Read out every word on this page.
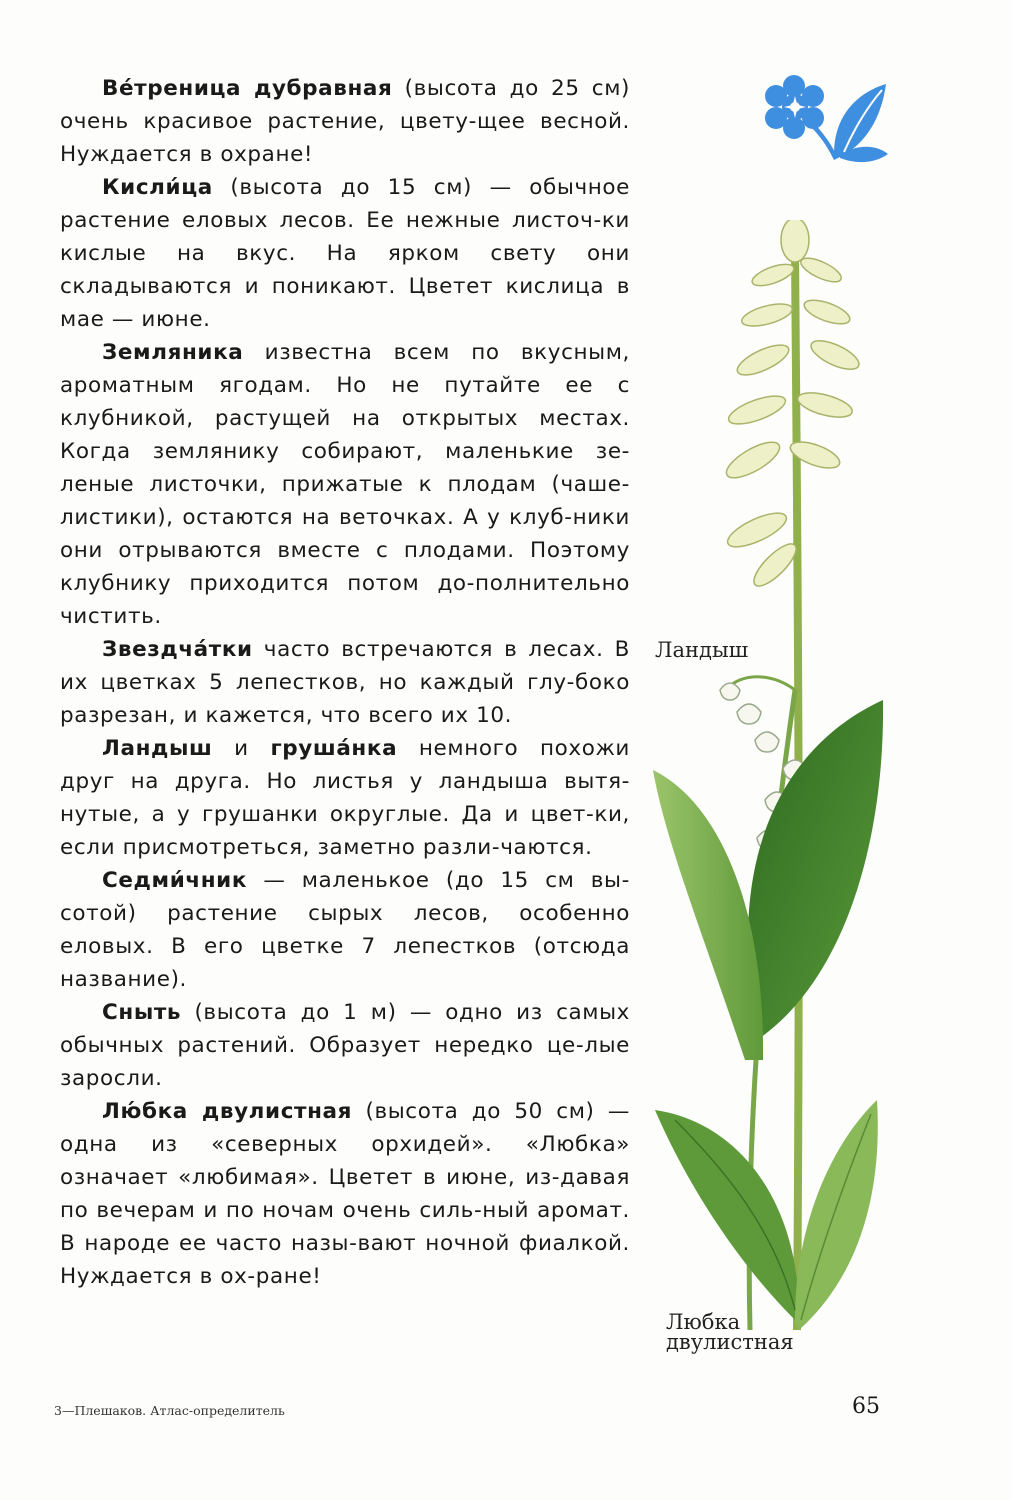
Ве́треница дубравная (высота до 25 см) очень красивое растение, цвету-щее весной. Нуждается в охране!

Кисли́ца (высота до 15 см) — обычное растение еловых лесов. Ее нежные листоч-ки кислые на вкус. На ярком свету они складываются и поникают. Цветет кислица в мае — июне.

Земляника известна всем по вкусным, ароматным ягодам. Но не путайте ее с клубникой, растущей на открытых местах. Когда землянику собирают, маленькие зе-леные листочки, прижатые к плодам (чаше-листики), остаются на веточках. А у клуб-ники они отрываются вместе с плодами. Поэтому клубнику приходится потом до-полнительно чистить.

Звездча́тки часто встречаются в лесах. В их цветках 5 лепестков, но каждый глу-боко разрезан, и кажется, что всего их 10.

Ландыш и груша́нка немного похожи друг на друга. Но листья у ландыша вытя-нутые, а у грушанки округлые. Да и цвет-ки, если присмотреться, заметно разли-чаются.

Седми́чник — маленькое (до 15 см вы-сотой) растение сырых лесов, особенно еловых. В его цветке 7 лепестков (отсюда название).

Сныть (высота до 1 м) — одно из самых обычных растений. Образует нередко це-лые заросли.

Лю́бка двулистная (высота до 50 см) — одна из «северных орхидей». «Любка» означает «любимая». Цветет в июне, из-давая по вечерам и по ночам очень силь-ный аромат. В народе ее часто назы-вают ночной фиалкой. Нуждается в ох-ране!

Ландыш
Любка двулистная
3—Плешаков. Атлас-определитель	65
